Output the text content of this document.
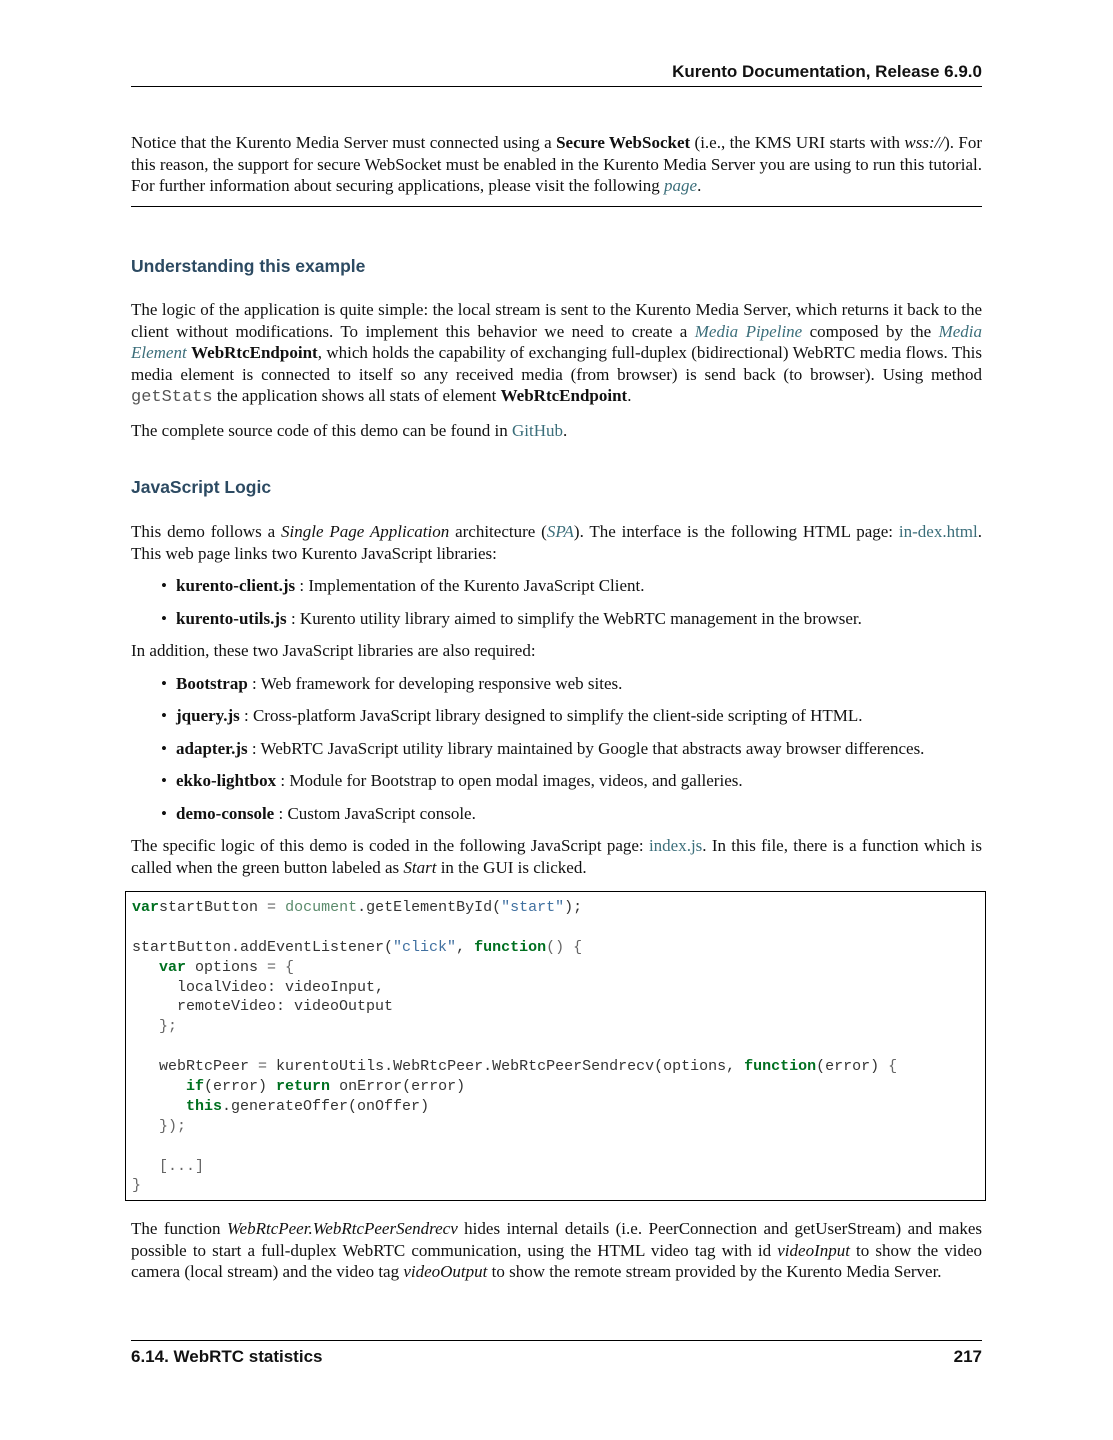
Kurento Documentation, Release 6.9.0

Notice that the Kurento Media Server must connected using a Secure WebSocket (i.e., the KMS URI starts with wss://). For this reason, the support for secure WebSocket must be enabled in the Kurento Media Server you are using to run this tutorial. For further information about securing applications, please visit the following page.

Understanding this example

The logic of the application is quite simple: the local stream is sent to the Kurento Media Server, which returns it back to the client without modifications. To implement this behavior we need to create a Media Pipeline composed by the Media Element WebRtcEndpoint, which holds the capability of exchanging full-duplex (bidirectional) WebRTC media flows. This media element is connected to itself so any received media (from browser) is send back (to browser). Using method getStats the application shows all stats of element WebRtcEndpoint.

The complete source code of this demo can be found in GitHub.

JavaScript Logic

This demo follows a Single Page Application architecture (SPA). The interface is the following HTML page: in-dex.html. This web page links two Kurento JavaScript libraries:

• kurento-client.js : Implementation of the Kurento JavaScript Client.
• kurento-utils.js : Kurento utility library aimed to simplify the WebRTC management in the browser.

In addition, these two JavaScript libraries are also required:

• Bootstrap : Web framework for developing responsive web sites.
• jquery.js : Cross-platform JavaScript library designed to simplify the client-side scripting of HTML.
• adapter.js : WebRTC JavaScript utility library maintained by Google that abstracts away browser differences.
• ekko-lightbox : Module for Bootstrap to open modal images, videos, and galleries.
• demo-console : Custom JavaScript console.

The specific logic of this demo is coded in the following JavaScript page: index.js. In this file, there is a function which is called when the green button labeled as Start in the GUI is clicked.

varstartButton = document.getElementById("start");
startButton.addEventListener("click", function() {
var options = {
localVideo: videoInput,
remoteVideo: videoOutput
};
webRtcPeer = kurentoUtils.WebRtcPeer.WebRtcPeerSendrecv(options, function(error) {
if(error) return onError(error)
this.generateOffer(onOffer)
});
[...]
}

The function WebRtcPeer.WebRtcPeerSendrecv hides internal details (i.e. PeerConnection and getUserStream) and makes possible to start a full-duplex WebRTC communication, using the HTML video tag with id videoInput to show the video camera (local stream) and the video tag videoOutput to show the remote stream provided by the Kurento Media Server.

6.14. WebRTC statistics	217
